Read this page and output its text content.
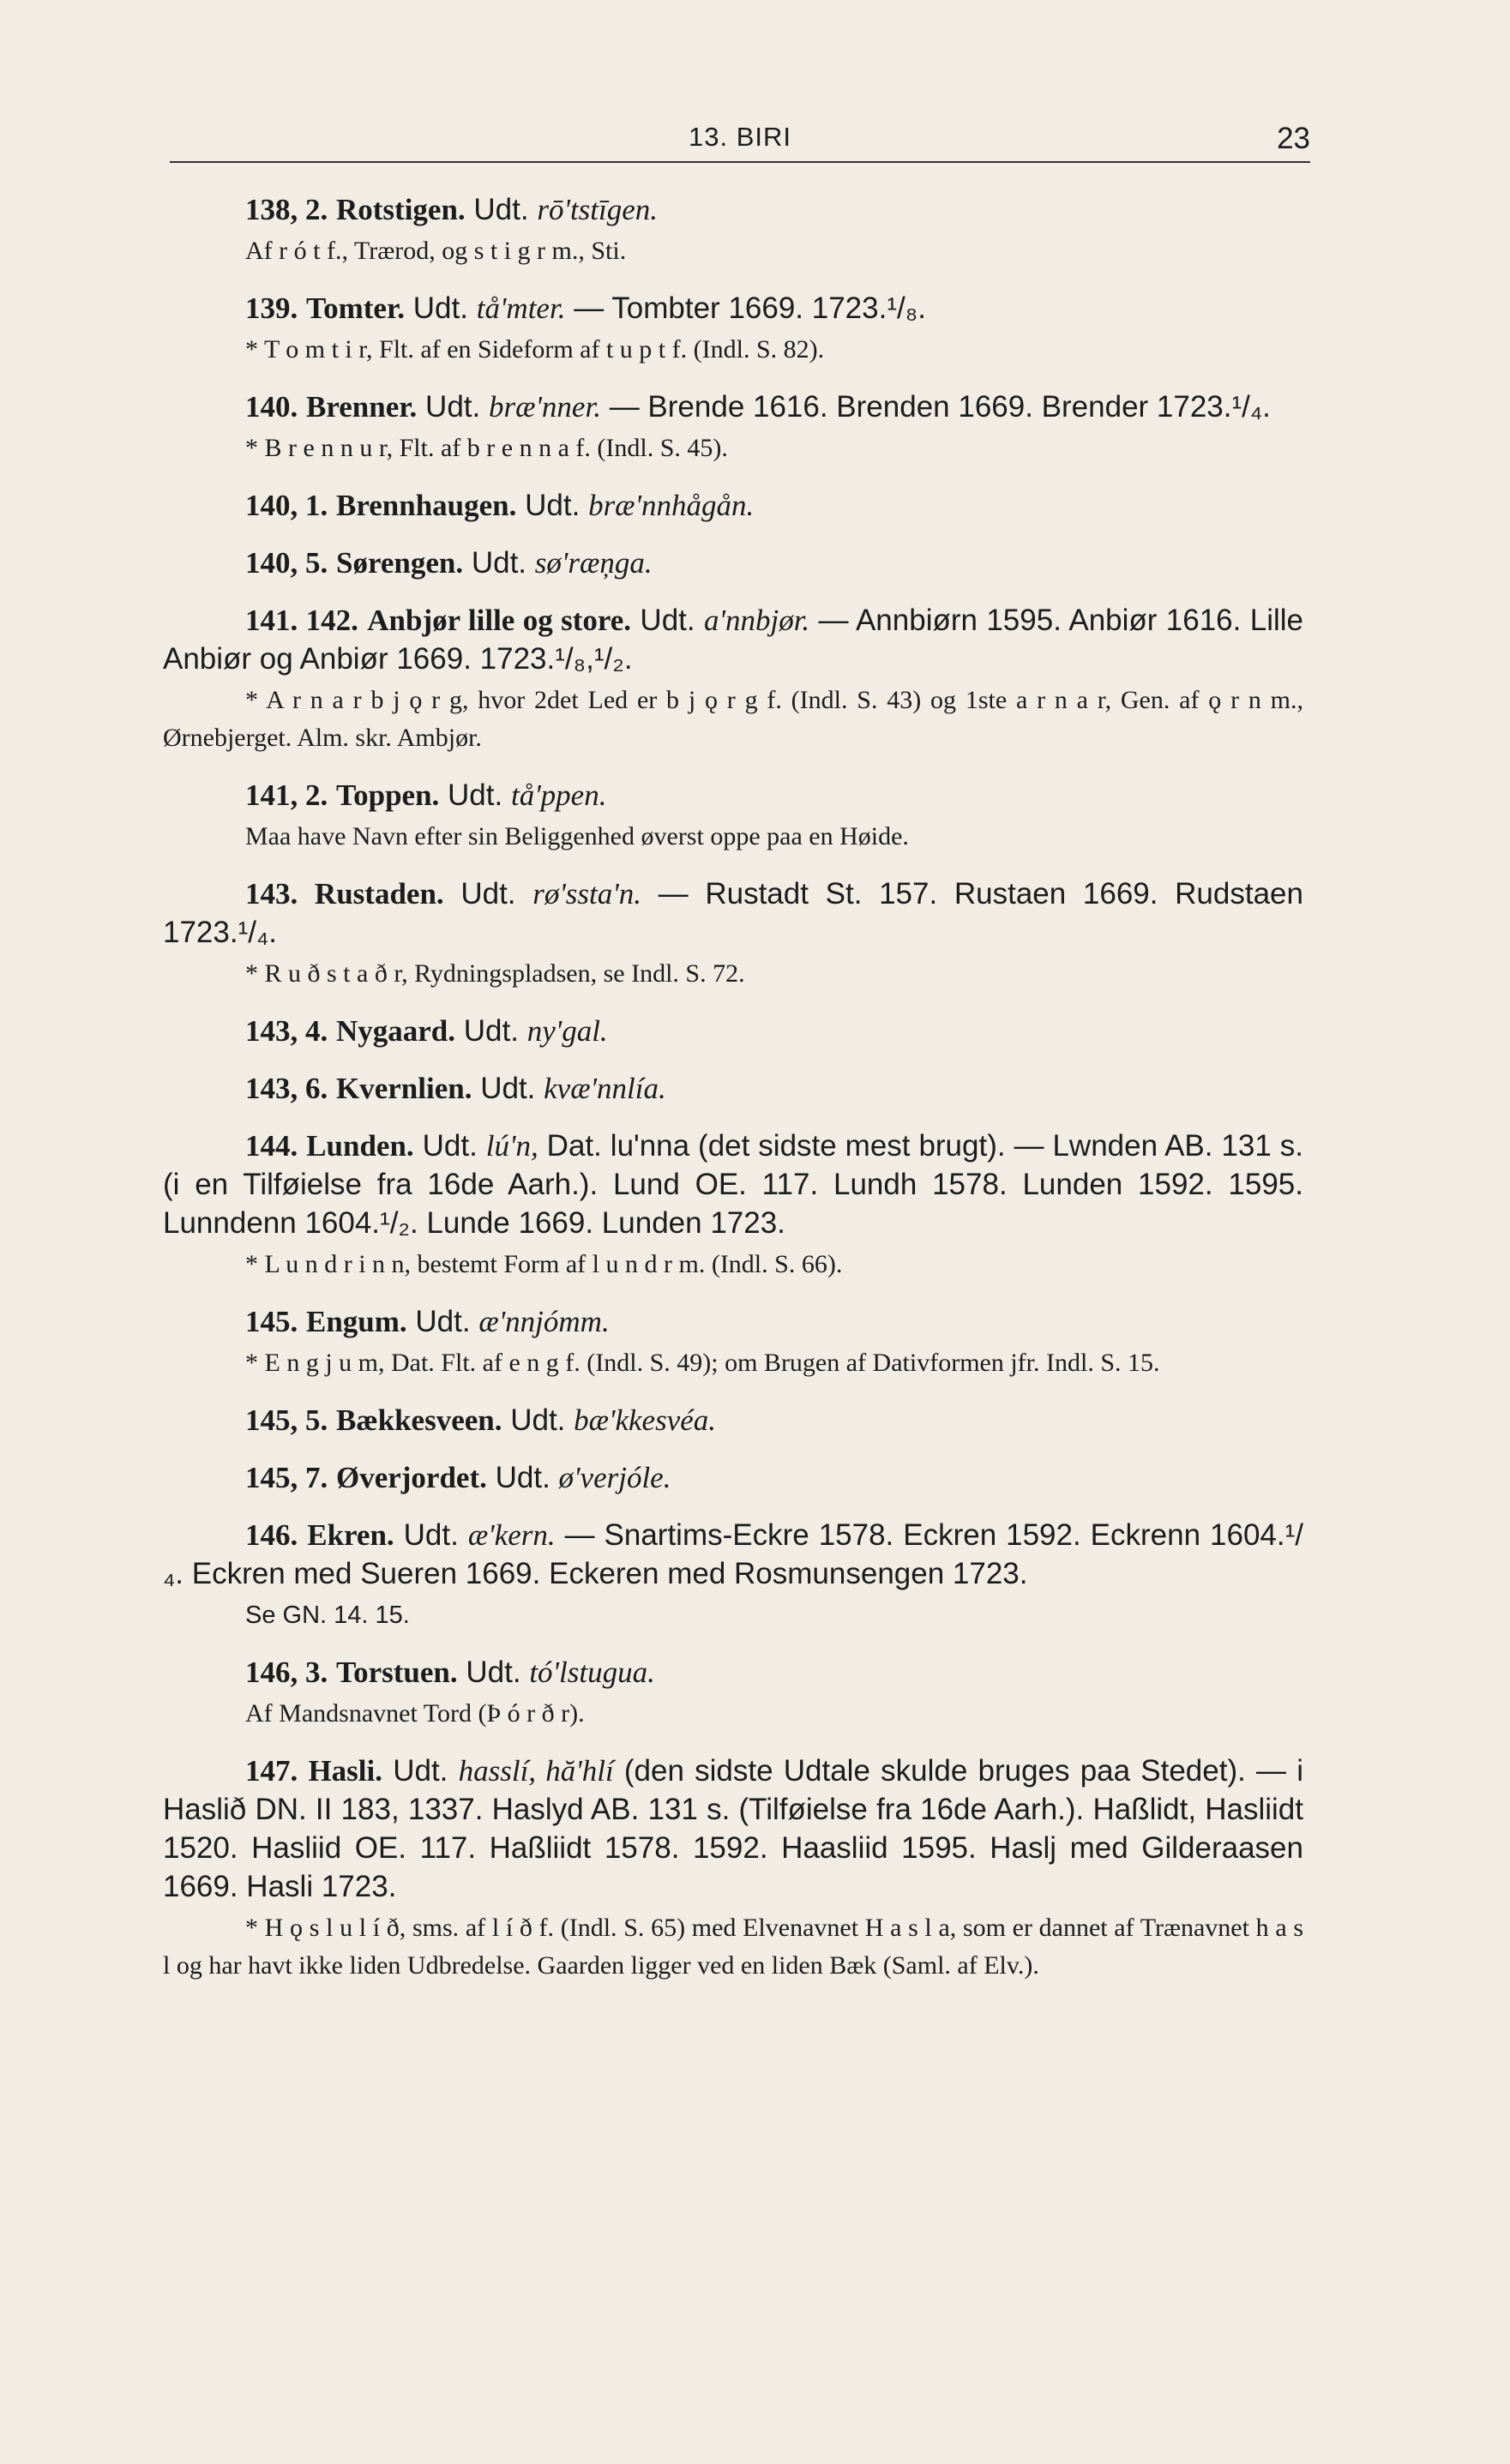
13. BIRI	23
138, 2. Rotstigen. Udt. rō'tstīgen.
Af r ó t f., Trærod, og s t i g r m., Sti.
139. Tomter. Udt. tå'mter. — Tombter 1669. 1723.¹/₈.
* T o m t i r, Flt. af en Sideform af t u p t f. (Indl. S. 82).
140. Brenner. Udt. bræ'nner. — Brende 1616. Brenden 1669. Brender 1723.¹/₄.
* B r e n n u r, Flt. af b r e n n a f. (Indl. S. 45).
140, 1. Brennhaugen. Udt. bræ'nnhågån.
140, 5. Sørengen. Udt. sø'ræņga.
141. 142. Anbjør lille og store. Udt. a'nnbjør. — Annbiørn 1595. Anbiør 1616. Lille Anbiør og Anbiør 1669. 1723.¹/₈,¹/₂.
* A r n a r b j ǫ r g, hvor 2det Led er b j ǫ r g f. (Indl. S. 43) og 1ste a r n a r, Gen. af ǫ r n m., Ørnebjerget. Alm. skr. Ambjør.
141, 2. Toppen. Udt. tå'ppen.
Maa have Navn efter sin Beliggenhed øverst oppe paa en Høide.
143. Rustaden. Udt. rø'ssta'n. — Rustadt St. 157. Rustaen 1669. Rudstaen 1723.¹/₄.
* R u ð s t a ð r, Rydningspladsen, se Indl. S. 72.
143, 4. Nygaard. Udt. ny'gal.
143, 6. Kvernlien. Udt. kvæ'nnlía.
144. Lunden. Udt. lú'n, Dat. lu'nna (det sidste mest brugt). — Lwnden AB. 131 s. (i en Tilføielse fra 16de Aarh.). Lund OE. 117. Lundh 1578. Lunden 1592. 1595. Lunndenn 1604.¹/₂. Lunde 1669. Lunden 1723.
* L u n d r i n n, bestemt Form af l u n d r m. (Indl. S. 66).
145. Engum. Udt. æ'nnjómm.
* E n g j u m, Dat. Flt. af e n g f. (Indl. S. 49); om Brugen af Dativformen jfr. Indl. S. 15.
145, 5. Bækkesveen. Udt. bæ'kkesvéa.
145, 7. Øverjordet. Udt. ø'verjóle.
146. Ekren. Udt. æ'kern. — Snartims-Eckre 1578. Eckren 1592. Eckrenn 1604.¹/₄. Eckren med Sueren 1669. Eckeren med Rosmunsengen 1723.
Se GN. 14. 15.
146, 3. Torstuen. Udt. tó'lstugua.
Af Mandsnavnet Tord (Þ ó r ð r).
147. Hasli. Udt. hasslí, hă'hlí (den sidste Udtale skulde bruges paa Stedet). — i Haslið DN. II 183, 1337. Haslyd AB. 131 s. (Tilføielse fra 16de Aarh.). Haßlidt, Hasliidt 1520. Hasliid OE. 117. Haßliidt 1578. 1592. Haasliid 1595. Haslj med Gilderaasen 1669. Hasli 1723.
* H ǫ s l u l í ð, sms. af l í ð f. (Indl. S. 65) med Elvenavnet H a s l a, som er dannet af Trænavnet h a s l og har havt ikke liden Udbredelse. Gaarden ligger ved en liden Bæk (Saml. af Elv.).
